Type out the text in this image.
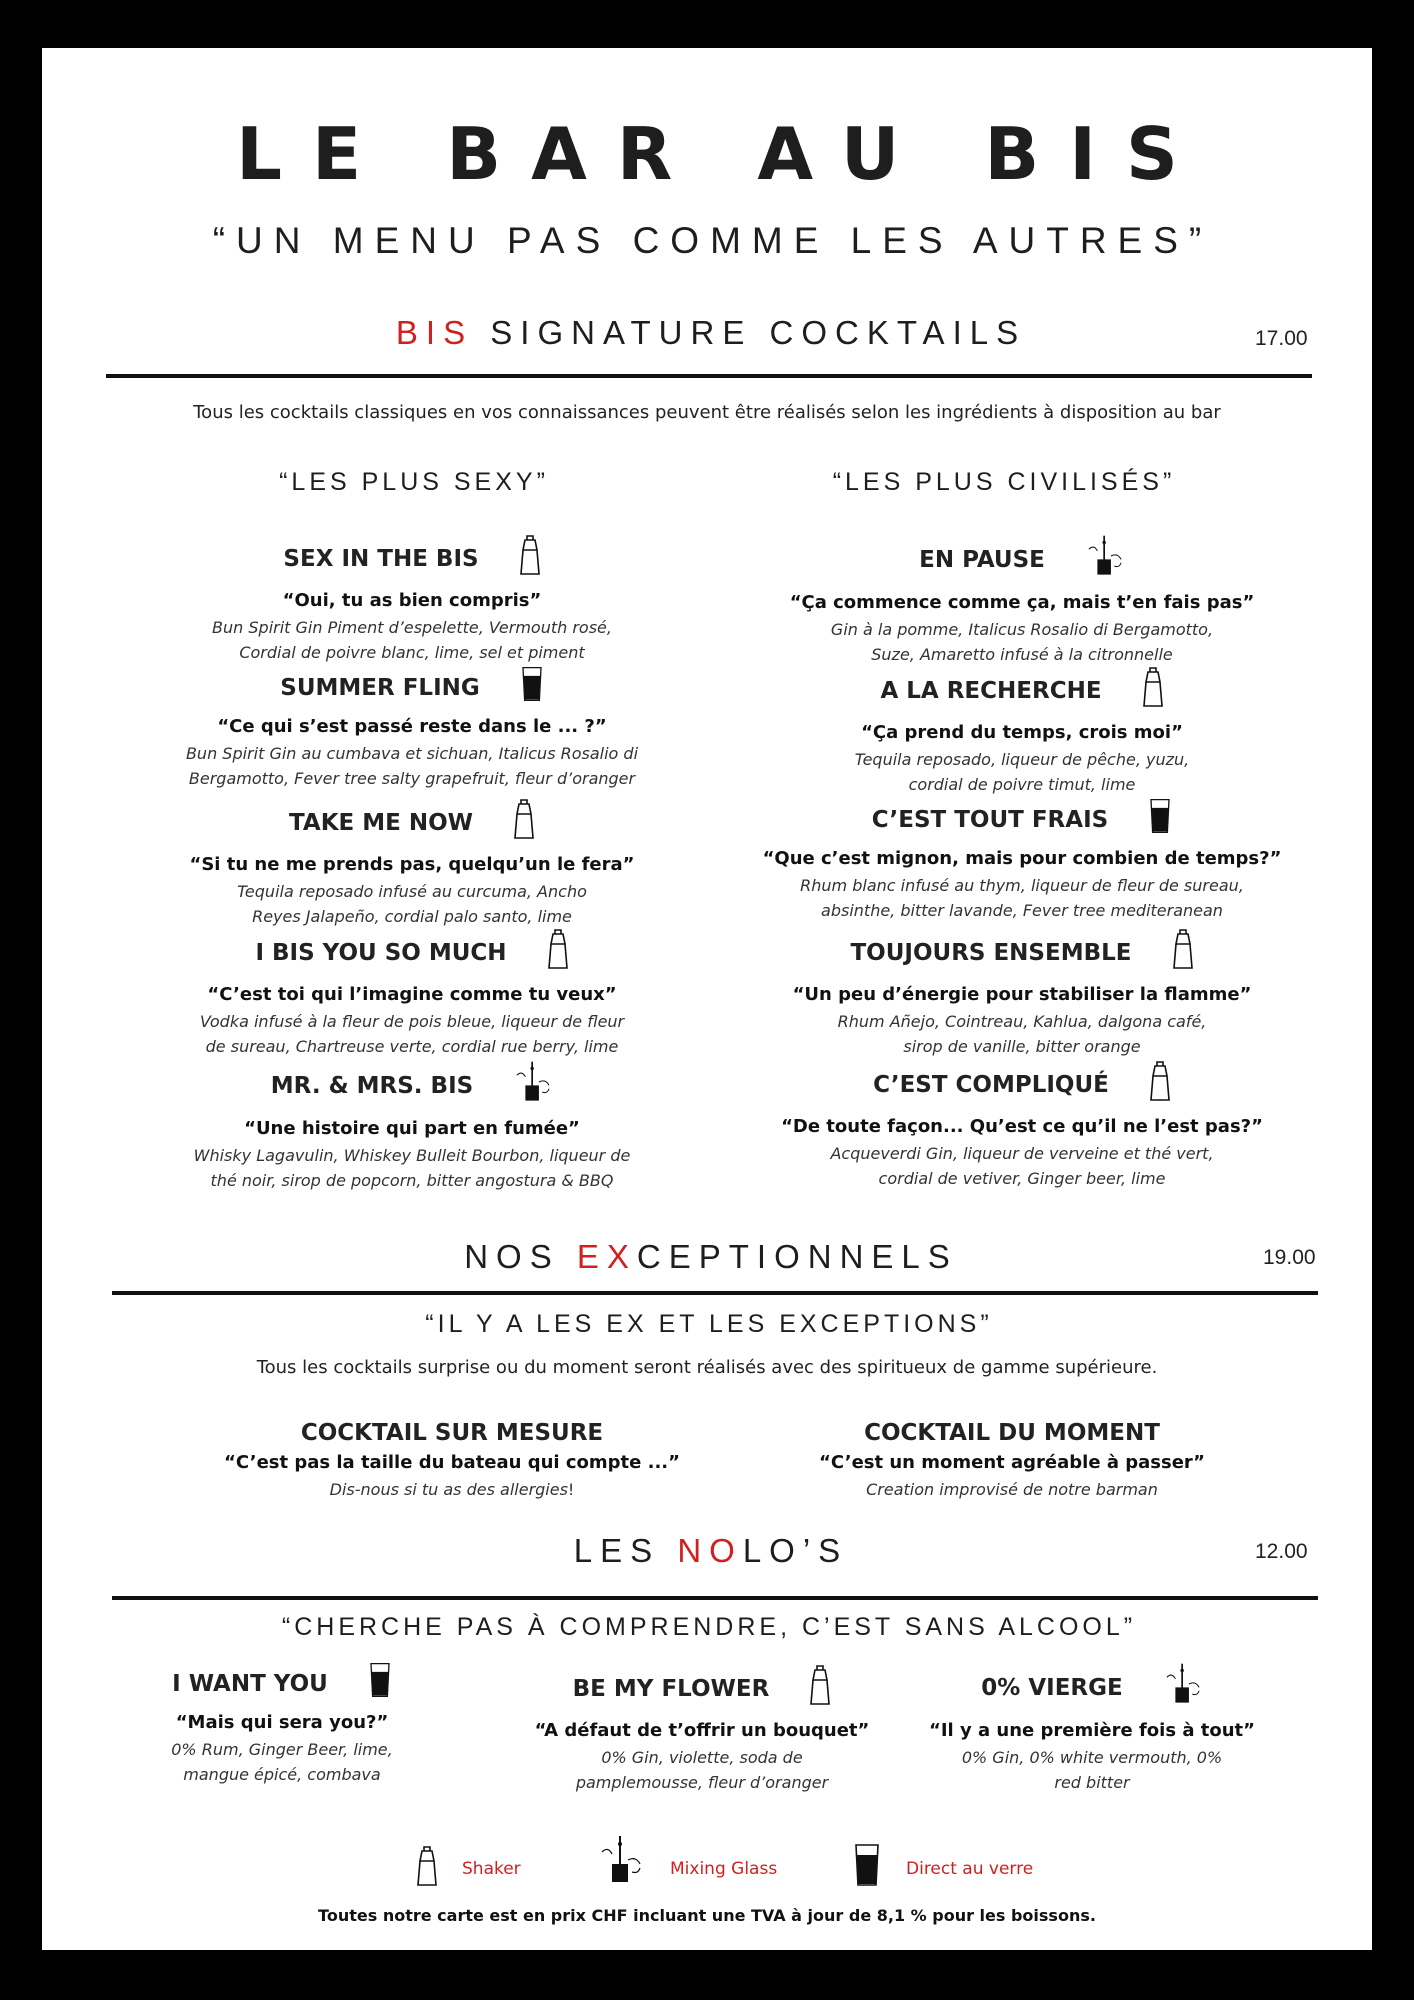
LE BAR AU BIS
“UN MENU PAS COMME LES AUTRES”
BIS SIGNATURE COCKTAILS	17.00
Tous les cocktails classiques en vos connaissances peuvent être réalisés selon les ingrédients à disposition au bar
“LES PLUS SEXY”	“LES PLUS CIVILISÉS”
NOS EXCEPTIONNELS	19.00
“IL Y A LES EX ET LES EXCEPTIONS”
Tous les cocktails surprise ou du moment seront réalisés avec des spiritueux de gamme supérieure.
COCKTAIL SUR MESURE
“C’est pas la taille du bateau qui compte ...”
Dis-nous si tu as des allergies!
COCKTAIL DU MOMENT
“C’est un moment agréable à passer”
Creation improvisé de notre barman
LES NOLO’S	12.00
“CHERCHE PAS À COMPRENDRE, C’EST SANS ALCOOL”
Shaker	Mixing Glass	Direct au verre
Toutes notre carte est en prix CHF incluant une TVA à jour de 8,1 % pour les boissons.
SEX IN THE BIS
“Oui, tu as bien compris”
Bun Spirit Gin Piment d’espelette, Vermouth rosé,
Cordial de poivre blanc, lime, sel et piment
SUMMER FLING
“Ce qui s’est passé reste dans le ... ?”
Bun Spirit Gin au cumbava et sichuan, Italicus Rosalio di
Bergamotto, Fever tree salty grapefruit, fleur d’oranger
TAKE ME NOW
“Si tu ne me prends pas, quelqu’un le fera”
Tequila reposado infusé au curcuma, Ancho
Reyes Jalapeño, cordial palo santo, lime
I BIS YOU SO MUCH
“C’est toi qui l’imagine comme tu veux”
Vodka infusé à la fleur de pois bleue, liqueur de fleur
de sureau, Chartreuse verte, cordial rue berry, lime
MR. & MRS. BIS
“Une histoire qui part en fumée”
Whisky Lagavulin, Whiskey Bulleit Bourbon, liqueur de
thé noir, sirop de popcorn, bitter angostura & BBQ
EN PAUSE
“Ça commence comme ça, mais t’en fais pas”
Gin à la pomme, Italicus Rosalio di Bergamotto,
Suze, Amaretto infusé à la citronnelle
A LA RECHERCHE
“Ça prend du temps, crois moi”
Tequila reposado, liqueur de pêche, yuzu,
cordial de poivre timut, lime
C’EST TOUT FRAIS
“Que c’est mignon, mais pour combien de temps?”
Rhum blanc infusé au thym, liqueur de fleur de sureau,
absinthe, bitter lavande, Fever tree mediteranean
TOUJOURS ENSEMBLE
“Un peu d’énergie pour stabiliser la flamme”
Rhum Añejo, Cointreau, Kahlua, dalgona café,
sirop de vanille, bitter orange
C’EST COMPLIQUÉ
“De toute façon... Qu’est ce qu’il ne l’est pas?”
Acqueverdi Gin, liqueur de verveine et thé vert,
cordial de vetiver, Ginger beer, lime
I WANT YOU
“Mais qui sera you?”
0% Rum, Ginger Beer, lime,
mangue épicé, combava
BE MY FLOWER
“A défaut de t’offrir un bouquet”
0% Gin, violette, soda de
pamplemousse, fleur d’oranger
0% VIERGE
“Il y a une première fois à tout”
0% Gin, 0% white vermouth, 0%
red bitter
